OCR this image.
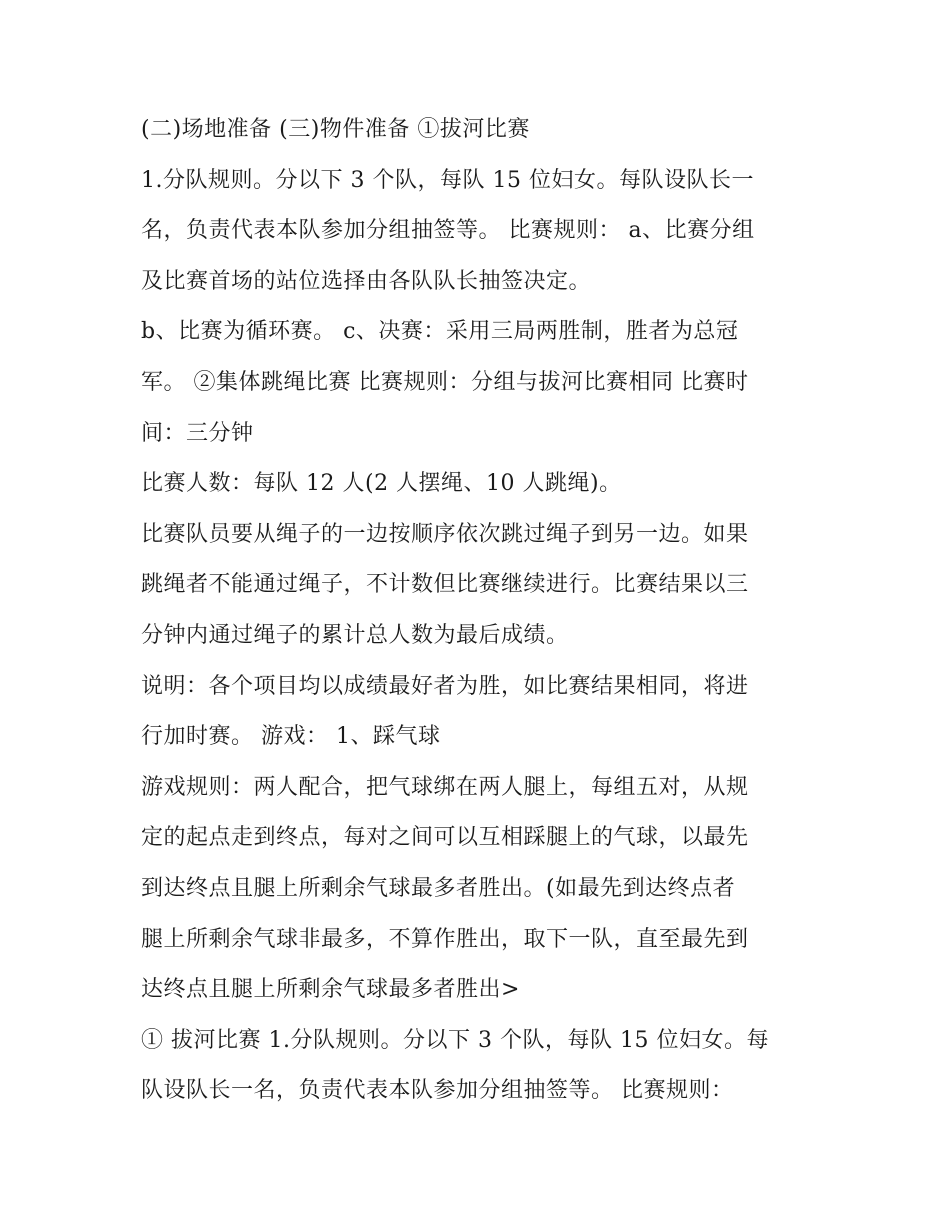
(二)场地准备 (三)物件准备 ①拔河比赛
1.分队规则。分以下 3 个队，每队 15 位妇女。每队设队长一
名，负责代表本队参加分组抽签等。 比赛规则： a、比赛分组
及比赛首场的站位选择由各队队长抽签决定。
b、比赛为循环赛。 c、决赛：采用三局两胜制，胜者为总冠
军。 ②集体跳绳比赛 比赛规则：分组与拔河比赛相同 比赛时
间：三分钟
比赛人数：每队 12 人(2 人摆绳、10 人跳绳)。
比赛队员要从绳子的一边按顺序依次跳过绳子到另一边。如果
跳绳者不能通过绳子，不计数但比赛继续进行。比赛结果以三
分钟内通过绳子的累计总人数为最后成绩。
说明：各个项目均以成绩最好者为胜，如比赛结果相同，将进
行加时赛。 游戏： 1、踩气球
游戏规则：两人配合，把气球绑在两人腿上，每组五对，从规
定的起点走到终点，每对之间可以互相踩腿上的气球，以最先
到达终点且腿上所剩余气球最多者胜出。(如最先到达终点者
腿上所剩余气球非最多，不算作胜出，取下一队，直至最先到
达终点且腿上所剩余气球最多者胜出>
① 拔河比赛 1.分队规则。分以下 3 个队，每队 15 位妇女。每
队设队长一名，负责代表本队参加分组抽签等。 比赛规则：
